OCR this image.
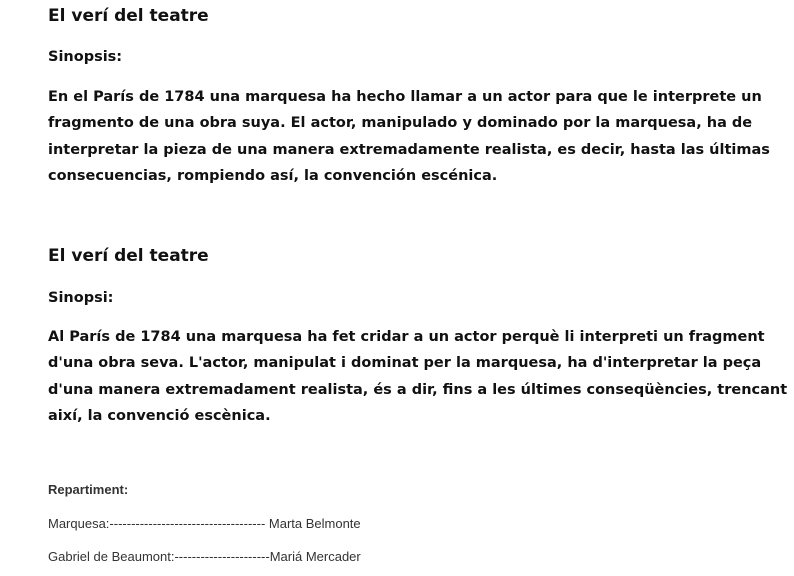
El verí del teatre

Sinopsis:

En el París de 1784 una marquesa ha hecho llamar a un actor para que le interprete un
fragmento de una obra suya. El actor, manipulado y dominado por la marquesa, ha de
interpretar la pieza de una manera extremadamente realista, es decir, hasta las últimas
consecuencias, rompiendo así, la convención escénica.

El verí del teatre

Sinopsi:

Al París de 1784 una marquesa ha fet cridar a un actor perquè li interpreti un fragment
d'una obra seva. L'actor, manipulat i dominat per la marquesa, ha d'interpretar la peça
d'una manera extremadament realista, és a dir, fins a les últimes conseqüències, trencant
així, la convenció escènica.

Repartiment:

Marquesa:------------------------------------ Marta Belmonte

Gabriel de Beaumont:----------------------Mariá Mercader
